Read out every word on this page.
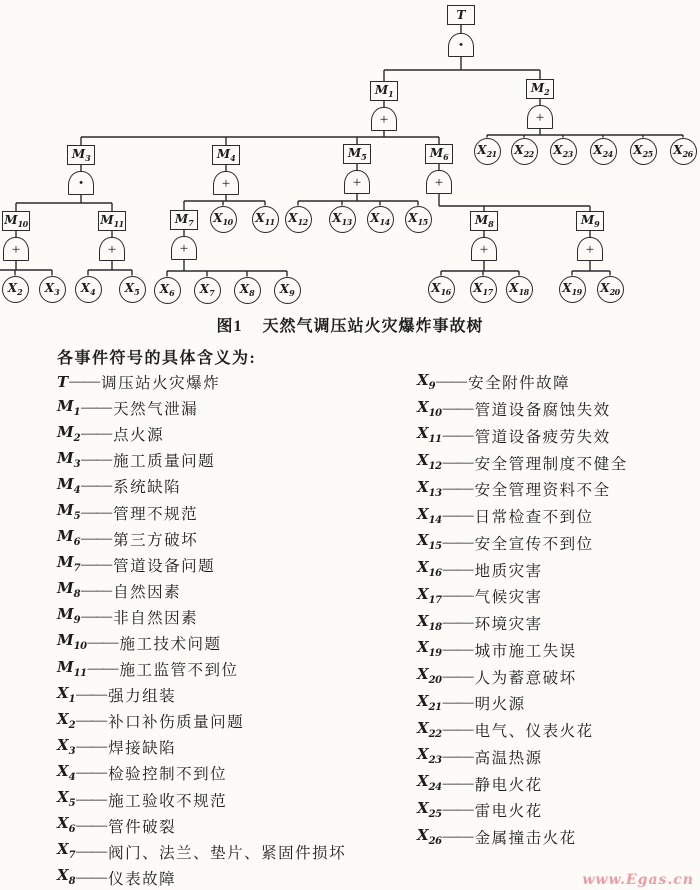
T
•
$M_1$
+
$M_2$
+
$M_3$
•
$M_4$
+
$M_5$
+
$M_6$
+
$M_7$
+
$M_8$
+
$M_9$
+
$M_{10}$
+
$M_{11}$
+
$X_2$ $X_3$ $X_4$ $X_5$ $X_6$ $X_7$ $X_8$ $X_9$
$X_{10}$ $X_{11}$ $X_{12}$ $X_{13}$ $X_{14}$ $X_{15}$
$X_{16}$ $X_{17}$ $X_{18}$	$X_{19}$ $X_{20}$
$X_{21}$ $X_{22}$ $X_{23}$ $X_{24}$ $X_{25}$ $X_{26}$
图1 天然气调压站火灾爆炸事故树
各事件符号的具体含义为:
T —— 调压站火灾爆炸
$M_1$ —— 天然气泄漏
$M_2$ —— 点火源
$M_3$ —— 施工质量问题
$M_4$ —— 系统缺陷
$M_5$ —— 管理不规范
$M_6$ —— 第三方破坏
$M_7$ —— 管道设备问题
$M_8$ —— 自然因素
$M_9$ —— 非自然因素
$M_{10}$ —— 施工技术问题
$M_{11}$ —— 施工监管不到位
$X_1$ —— 强力组装
$X_2$ —— 补口补伤质量问题
$X_3$ —— 焊接缺陷
$X_4$ —— 检验控制不到位
$X_5$ —— 施工验收不规范
$X_6$ —— 管件破裂
$X_7$ —— 阀门、法兰、垫片、紧固件损坏
$X_8$ —— 仪表故障
$X_9$ —— 安全附件故障
$X_{10}$ —— 管道设备腐蚀失效
$X_{11}$ —— 管道设备疲劳失效
$X_{12}$ —— 安全管理制度不健全
$X_{13}$ —— 安全管理资料不全
$X_{14}$ —— 日常检查不到位
$X_{15}$ —— 安全宣传不到位
$X_{16}$ —— 地质灾害
$X_{17}$ —— 气候灾害
$X_{18}$ —— 环境灾害
$X_{19}$ —— 城市施工失误
$X_{20}$ —— 人为蓄意破坏
$X_{21}$ —— 明火源
$X_{22}$ —— 电气、仪表火花
$X_{23}$ —— 高温热源
$X_{24}$ —— 静电火花
$X_{25}$ —— 雷电火花
$X_{26}$ —— 金属撞击火花
www.Egas.cn
